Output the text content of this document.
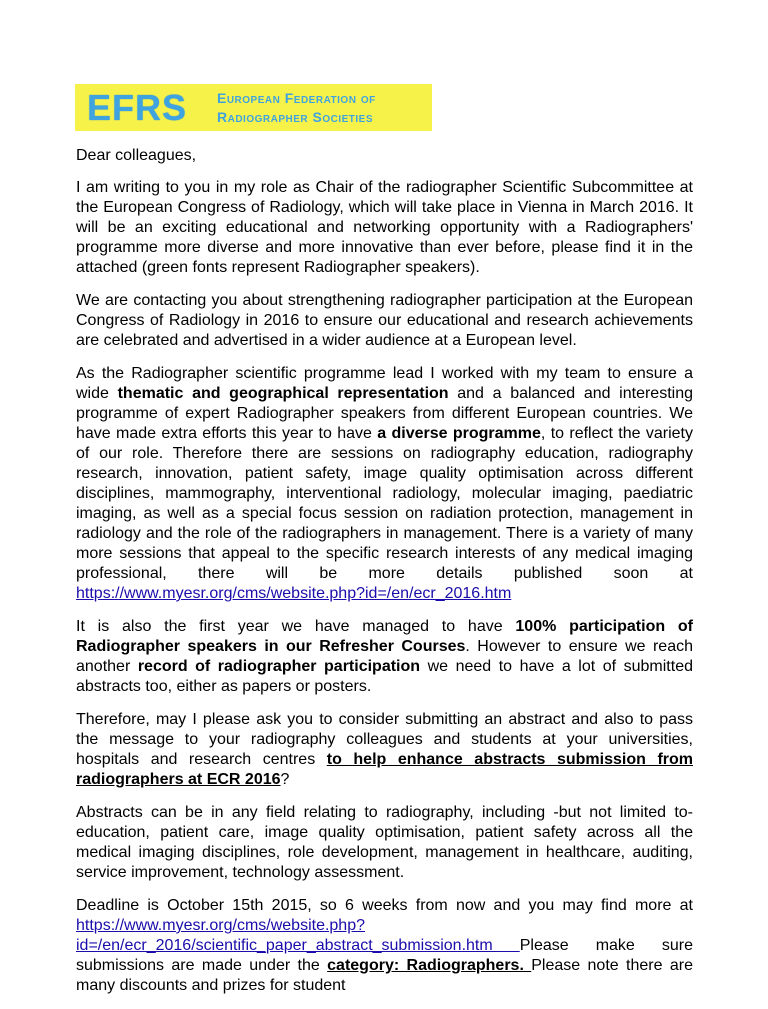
EFRS	European Federation of
Radiographer Societies

Dear colleagues,

I am writing to you in my role as Chair of the radiographer Scientific Subcommittee at the European Congress of Radiology, which will take place in Vienna in March 2016. It will be an exciting educational and networking opportunity with a Radiographers' programme more diverse and more innovative than ever before, please find it in the attached (green fonts represent Radiographer speakers).

We are contacting you about strengthening radiographer participation at the European Congress of Radiology in 2016 to ensure our educational and research achievements are celebrated and advertised in a wider audience at a European level.

As the Radiographer scientific programme lead I worked with my team to ensure a wide thematic and geographical representation and a balanced and interesting programme of expert Radiographer speakers from different European countries. We have made extra efforts this year to have a diverse programme, to reflect the variety of our role. Therefore there are sessions on radiography education, radiography research, innovation, patient safety, image quality optimisation across different disciplines, mammography, interventional radiology, molecular imaging, paediatric imaging, as well as a special focus session on radiation protection, management in radiology and the role of the radiographers in management. There is a variety of many more sessions that appeal to the specific research interests of any medical imaging professional, there will be more details published soon at https://www.myesr.org/cms/website.php?id=/en/ecr_2016.htm

It is also the first year we have managed to have 100% participation of Radiographer speakers in our Refresher Courses. However to ensure we reach another record of radiographer participation we need to have a lot of submitted abstracts too, either as papers or posters.

Therefore, may I please ask you to consider submitting an abstract and also to pass the message to your radiography colleagues and students at your universities, hospitals and research centres to help enhance abstracts submission from radiographers at ECR 2016?

Abstracts can be in any field relating to radiography, including -but not limited to- education, patient care, image quality optimisation, patient safety across all the medical imaging disciplines, role development, management in healthcare, auditing, service improvement, technology assessment.

Deadline is October 15th 2015, so 6 weeks from now and you may find more at https://www.myesr.org/cms/website.php?id=/en/ecr_2016/scientific_paper_abstract_submission.htm Please make sure submissions are made under the category: Radiographers. Please note there are many discounts and prizes for student
